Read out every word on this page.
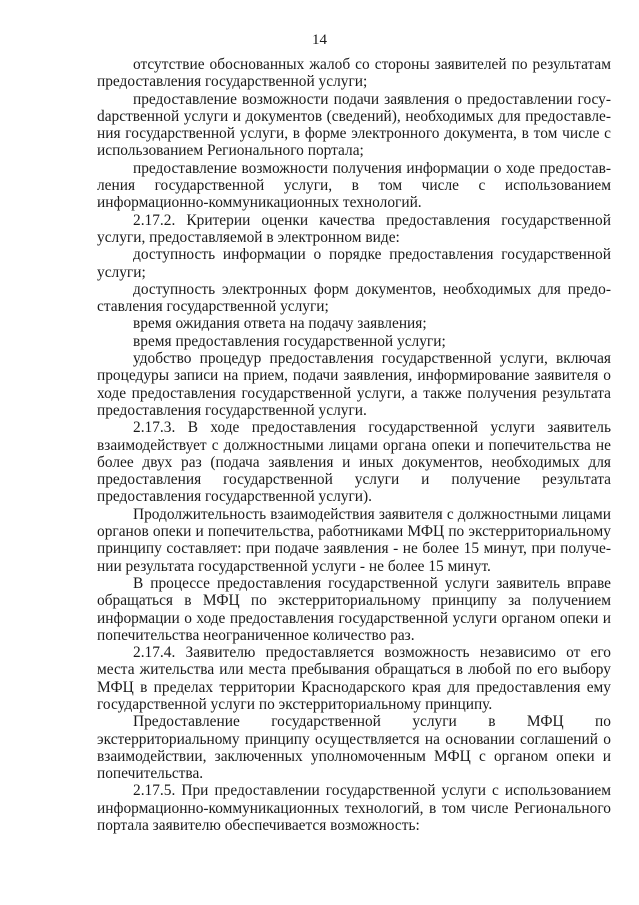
14

отсутствие обоснованных жалоб со стороны заявителей по результатам предоставления государственной услуги;

предоставление возможности подачи заявления о предоставлении госуdарственной услуги и документов (сведений), необходимых для предоставления государственной услуги, в форме электронного документа, в том числе с использованием Регионального портала;

предоставление возможности получения информации о ходе предоставления государственной услуги, в том числе с использованием информационно-коммуникационных технологий.

2.17.2. Критерии оценки качества предоставления государственной услуги, предоставляемой в электронном виде:

доступность информации о порядке предоставления государственной услуги;

доступность электронных форм документов, необходимых для предоставления государственной услуги;

время ожидания ответа на подачу заявления;

время предоставления государственной услуги;

удобство процедур предоставления государственной услуги, включая процедуры записи на прием, подачи заявления, информирование заявителя о ходе предоставления государственной услуги, а также получения результата предоставления государственной услуги.

2.17.3. В ходе предоставления государственной услуги заявитель взаимодействует с должностными лицами органа опеки и попечительства не более двух раз (подача заявления и иных документов, необходимых для предоставления государственной услуги и получение результата предоставления государственной услуги).

Продолжительность взаимодействия заявителя с должностными лицами органов опеки и попечительства, работниками МФЦ по экстерриториальному принципу составляет: при подаче заявления - не более 15 минут, при получении результата государственной услуги - не более 15 минут.

В процессе предоставления государственной услуги заявитель вправе обращаться в МФЦ по экстерриториальному принципу за получением информации о ходе предоставления государственной услуги органом опеки и попечительства неограниченное количество раз.

2.17.4. Заявителю предоставляется возможность независимо от его места жительства или места пребывания обращаться в любой по его выбору МФЦ в пределах территории Краснодарского края для предоставления ему государственной услуги по экстерриториальному принципу.

Предоставление государственной услуги в МФЦ по экстерриториальному принципу осуществляется на основании соглашений о взаимодействии, заключенных уполномоченным МФЦ с органом опеки и попечительства.

2.17.5. При предоставлении государственной услуги с использованием информационно-коммуникационных технологий, в том числе Регионального портала заявителю обеспечивается возможность:
